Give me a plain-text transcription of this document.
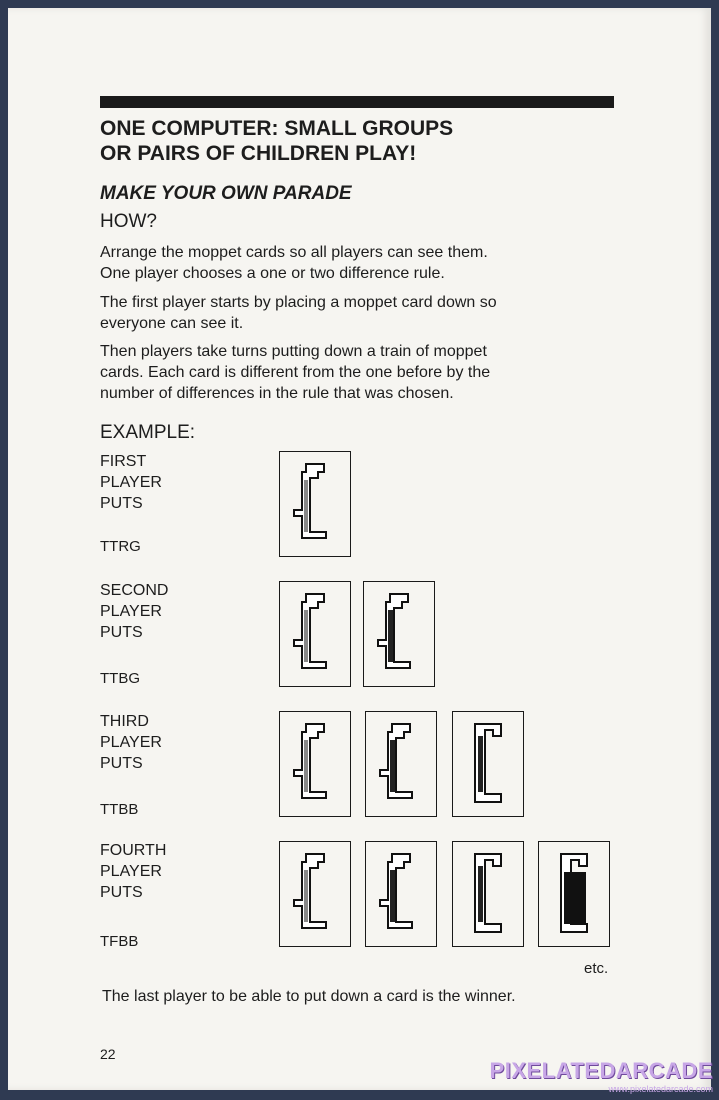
ONE COMPUTER: SMALL GROUPS
OR PAIRS OF CHILDREN PLAY!
MAKE YOUR OWN PARADE
HOW?
Arrange the moppet cards so all players can see them.
One player chooses a one or two difference rule.
The first player starts by placing a moppet card down so
everyone can see it.
Then players take turns putting down a train of moppet
cards. Each card is different from the one before by the
number of differences in the rule that was chosen.
EXAMPLE:
FIRST
PLAYER
PUTS
TTRG
SECOND
PLAYER
PUTS
TTBG
THIRD
PLAYER
PUTS
TTBB
FOURTH
PLAYER
PUTS
TFBB
etc.
The last player to be able to put down a card is the winner.
22
PIXELATEDARCADE
www.pixelatedarcade.com
